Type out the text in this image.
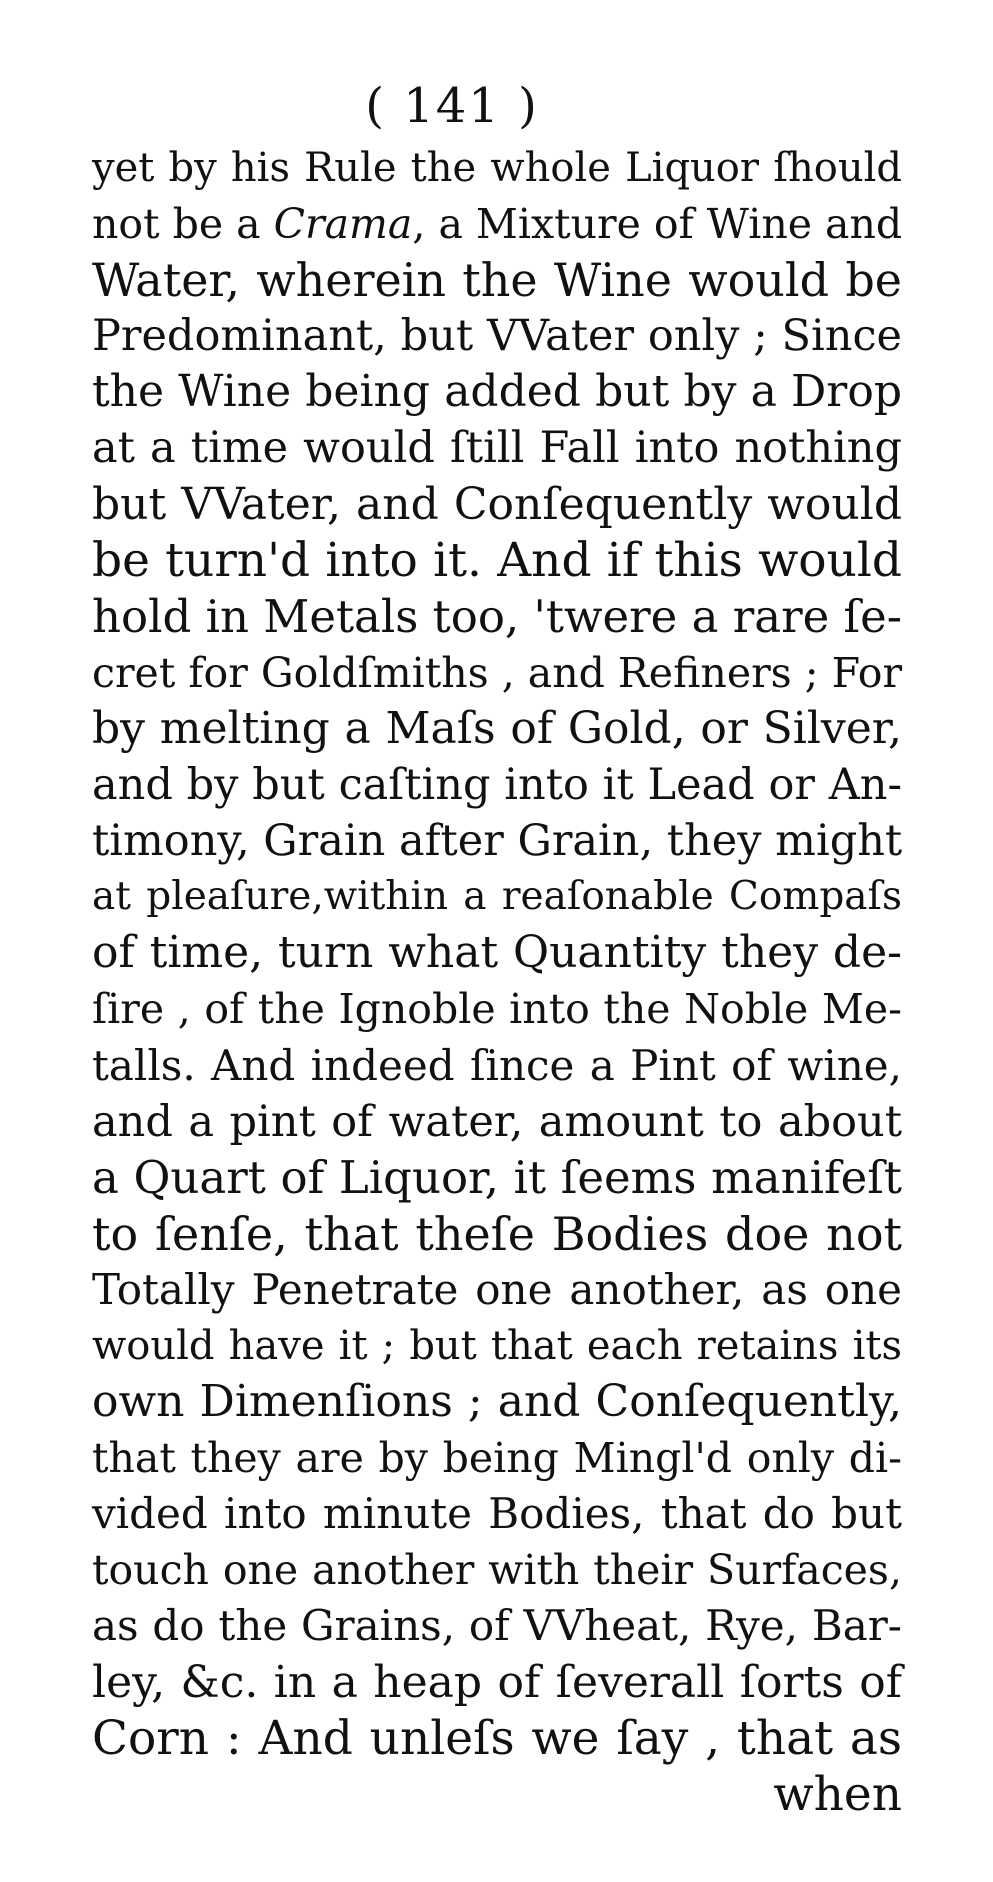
( 141 )
yet by his Rule the whole Liquor ſhould
not be a Crama, a Mixture of Wine and
Water, wherein the Wine would be
Predominant, but VVater only ; Since
the Wine being added but by a Drop
at a time would ſtill Fall into nothing
but VVater, and Conſequently would
be turn'd into it. And if this would
hold in Metals too, 'twere a rare ſe-
cret for Goldſmiths , and Refiners ; For
by melting a Maſs of Gold, or Silver,
and by but caſting into it Lead or An-
timony, Grain after Grain, they might
at pleaſure,within a reaſonable Compaſs
of time, turn what Quantity they de-
ſire , of the Ignoble into the Noble Me-
talls. And indeed ſince a Pint of wine,
and a pint of water, amount to about
a Quart of Liquor, it ſeems manifeſt
to ſenſe, that theſe Bodies doe not
Totally Penetrate one another, as one
would have it ; but that each retains its
own Dimenſions ; and Conſequently,
that they are by being Mingl'd only di-
vided into minute Bodies, that do but
touch one another with their Surfaces,
as do the Grains, of VVheat, Rye, Bar-
ley, &c. in a heap of ſeverall ſorts of
Corn : And unleſs we ſay , that as
when
